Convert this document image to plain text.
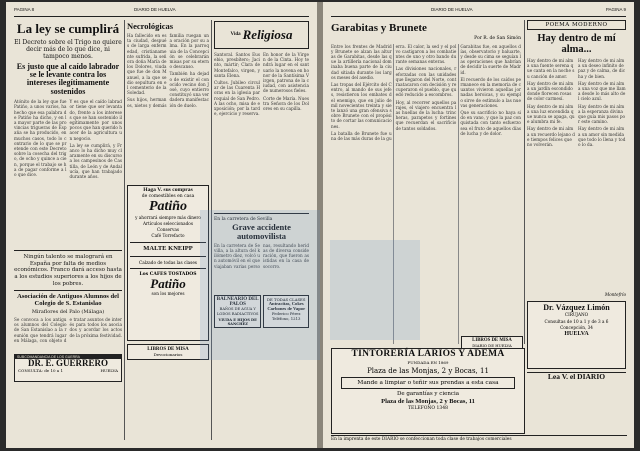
PAGINA 8	DIARIO DE HUELVA
La ley se cumplirá
El Decreto sobre el Trigo no quiere decir más de lo que dice, ni tampoco menos.
Es justo que al caído labrador se le levante contra los intereses ilegítimamente sostenidos

Atónito de la ley que fue Patiño, a unos varios, ha hecho que esa palabra de Patiño ha dicho, y en la mayor parte de las provincias trigueras de España se ha producido, en muchos casos, todo lo contrario de lo que se pretende con este Decreto sobre la cosecha del trigo, de ocho y quince a cien, porque el trabajo se ha de pagar conforme a lo que dice.

Y es que el caído labrador tiene que ser levantado, frente a los intereses que se han sostenido ilegítimamente por unos pocos que han querido hacer de la agricultura un negocio.

La ley se cumplirá, y Franco lo ha dicho muy claramente en su discurso a los campesinos de Castilla, de León y de Andalucía, que han trabajado durante años.

Ningún talento se malogrará en España por falta de medios económicos. Franco dará acceso hasta a los estudios superiores a los hijos de los pobres.
Asociación de Antiguos Alumnos del Colegio de S. Estanislao
Miraflores del Palo (Málaga)

Se convoca a los antiguos alumnos del Colegio de San Estanislao a la reunión que tendrá lugar en Málaga, con objeto de tratar asuntos de interés para todos los asociados y acordar los actos de la próxima festividad.

SUBCOMANDANCIA DE LOS GUERRA
DR. E. GUERRERO
CONSULTA: de 10 a 1	HUELVA
Necrológicas

Ha fallecido en esta ciudad, después de larga enfermedad, cristianamente sufrida, la señora doña María de los Dolores, viuda que fue de don Manuel, a la que se dio sepultura en el cementerio de la Soledad.

Sus hijos, hermanos, nietos y demás familia ruegan una oración por su alma. En la parroquia de la Concepción se celebrarán misas por su eterno descanso.

También ha dejado de existir el conocido vecino don José, cuyo entierro constituyó una verdadera manifestación de duelo.

Haga V. sus compras
de comestibles en casa
Patiño
y ahorrará siempre más dinero
Artículos seleccionados
Conservas
Café Torrefacto
MALTE KNEIPP
Calzado de todas las clases
Los CAFES TOSTADOS
Patiño
son los mejores
LIBROS DE MISA
Devocionarios
Vida Religiosa

Santoral. Santos Eusebio, presbítero; Jacinto, mártir; Clara de Montefalco, virgen, y santa Elena.

Cultos. Jubileo circular de las Cuarenta Horas en la iglesia parroquial de San Pedro. A las ocho, misa de exposición; por la tarde, ejercicio y reserva.

En honor de la Virgen de la Cinta. Hoy tendrá lugar en el santuario la novena en honor de la Santísima Virgen, patrona de la ciudad, con asistencia de numerosos fieles.

Corte de María. Nuestra Señora de los Dolores en su capilla.

En la carretera de Sevilla
Grave accidente automovilista

En la carretera de Sevilla, a la altura del kilómetro diez, volcó un automóvil en el que viajaban varias personas, resultando heridas de diversa consideración, que fueron asistidas en la casa de socorro.

BALNEARIO DEL PALOS
BAÑOS DE AGUA Y LODOS RADIACTIVOS
VIUDA E HIJOS DE SANCHEZ
DE TODAS CLASES
Antracitas, Cokes
Carbones de Vapor
Federico Pérez
Teléfono, 1213
DIARIO DE HUELVA	PAGINA 9
Garabitas y Brunete
Por R. de San Simón

Entre los frentes de Madrid y Brunete se alzan las alturas de Garabitas, desde las que la artillería nacional dominaba buena parte de la ciudad sitiada durante los largos meses del asedio.

Las tropas del Ejército del Centro, al mando de sus jefes, resistieron los embates del enemigo, que en julio de mil novecientos treinta y siete lanzó una gran ofensiva sobre Brunete con el propósito de cortar las comunicaciones.

La batalla de Brunete fue una de las más duras de la guerra. El calor, la sed y el polvo castigaron a los combatientes de uno y otro bando durante semanas enteras.

Las divisiones nacionales, reforzadas con las unidades que llegaron del Norte, contraatacaron con decisión y recuperaron el pueblo, que quedó reducido a escombros.

Hoy, al recorrer aquellos parajes, el viajero encuentra las huellas de la lucha: trincheras, parapetos y fortines que recuerdan el sacrificio de tantos soldados.

Garabitas fue, en aquellos días, observatorio y baluarte, y desde su cima se seguían las operaciones que habrían de decidir la suerte de Madrid.

El recuerdo de los caídos permanece en la memoria de cuantos vivieron aquellas jornadas heroicas, y su ejemplo sirve de estímulo a las nuevas generaciones.

Que su sacrificio no haya sido en vano, y que la paz conquistada con tanto esfuerzo sea el fruto de aquellos días de lucha y de dolor.

LIBROS DE MISA
DIARIO DE HUELVA
POEMA MODERNO
Hay dentro de mí alma...

Hay dentro de mi alma una fuente serena que canta en la noche su canción de amor.

Hay dentro de mi alma un jardín escondido donde florecen rosas de color carmesí.

Hay dentro de mi alma una luz encendida que nunca se apaga, que alumbra mi fe.

Hay dentro de mi alma un recuerdo lejano de tiempos felices que no volverán.

Hay dentro de mi alma un deseo infinito de paz y de calma, de dicha y de bien.

Hay dentro de mi alma una voz que me llama desde lo más alto del cielo azul.

Hay dentro de mi alma la esperanza divina que guía mis pasos por este camino.

Hay dentro de mi alma un amor sin medida que todo lo llena y todo lo da.

Montefrío
Dr. Vázquez Limón
CIRUJANO
Consultas de 10 a 1 y de 3 a 6
Concepción, 34
HUELVA
Lea V. el DIARIO
TINTORERÍA LARIOS Y ADEMA
FUNDADA EN 1869
Plaza de las Monjas, 2 y Bocas, 11
Mande a limpiar o teñir sus prendas a esta casa
De garantías y ciencia
Plaza de las Monjas, 2 y Bocas, 11
TELEFONO 1348
En la imprenta de este DIARIO se confeccionan toda clase de trabajos comerciales
